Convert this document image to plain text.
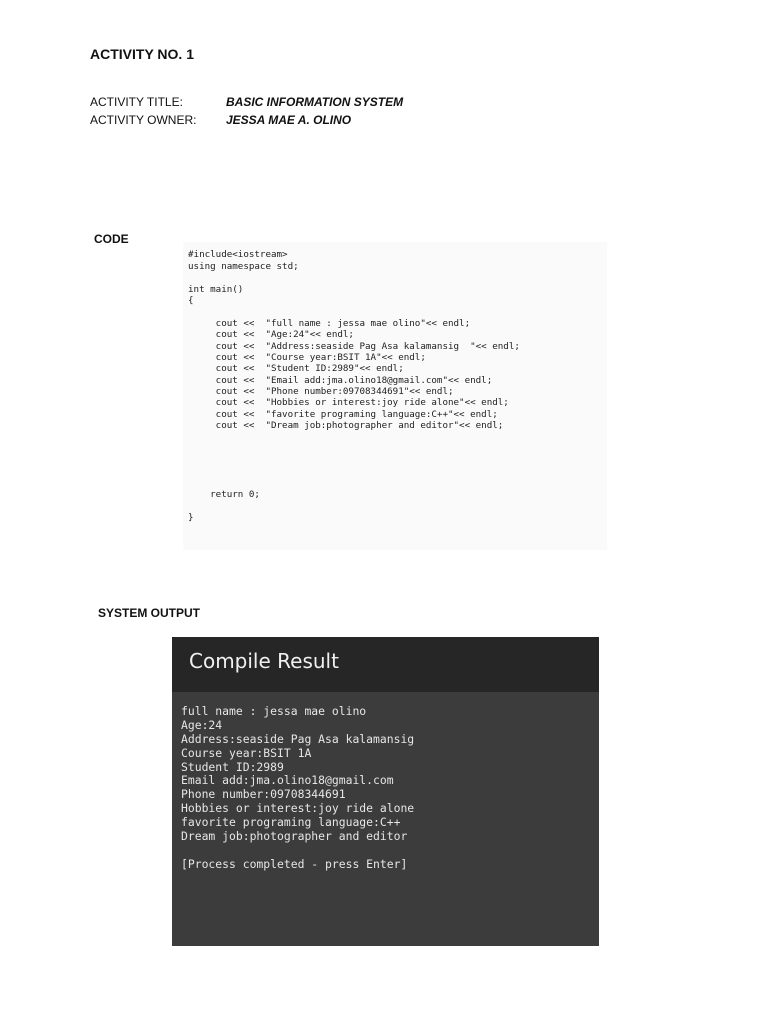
ACTIVITY NO. 1
ACTIVITY TITLE:	BASIC INFORMATION SYSTEM
ACTIVITY OWNER: JESSA MAE A. OLINO
CODE
#include<iostream>
using namespace std;
int main()
{
cout <<  "full name : jessa mae olino"<< endl;
cout <<  "Age:24"<< endl;
cout <<  "Address:seaside Pag Asa kalamansig  "<< endl;
cout <<  "Course year:BSIT 1A"<< endl;
cout <<  "Student ID:2989"<< endl;
cout <<  "Email add:jma.olino18@gmail.com"<< endl;
cout <<  "Phone number:09708344691"<< endl;
cout <<  "Hobbies or interest:joy ride alone"<< endl;
cout <<  "favorite programing language:C++"<< endl;
cout <<  "Dream job:photographer and editor"<< endl;
return 0;
}
SYSTEM OUTPUT
Compile Result
full name : jessa mae olino
Age:24
Address:seaside Pag Asa kalamansig
Course year:BSIT 1A
Student ID:2989
Email add:jma.olino18@gmail.com
Phone number:09708344691
Hobbies or interest:joy ride alone
favorite programing language:C++
Dream job:photographer and editor
[Process completed - press Enter]
